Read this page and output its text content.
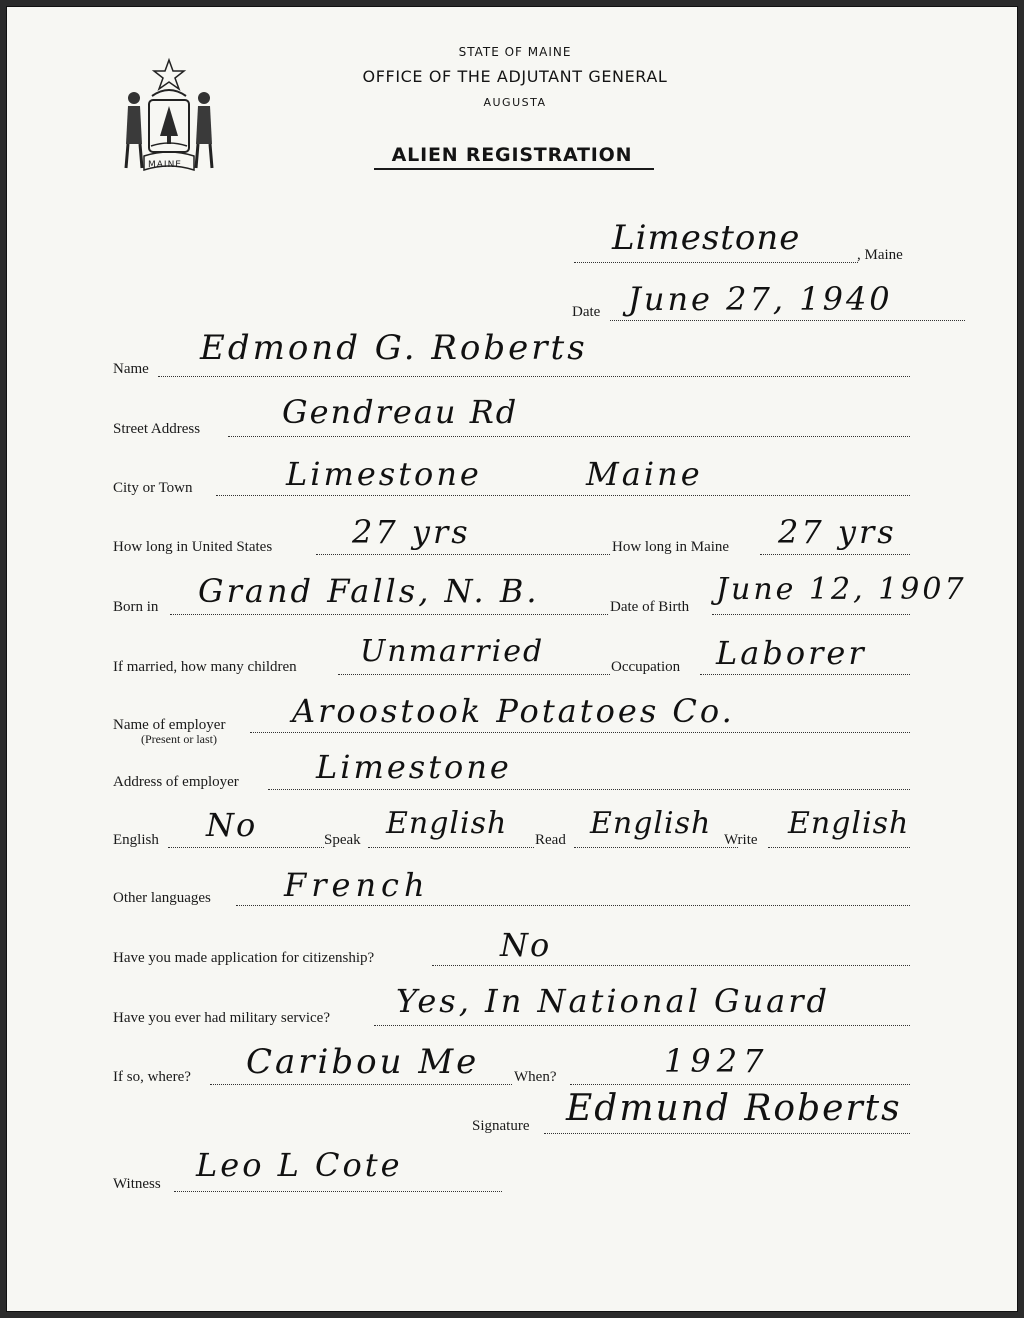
MAINE
STATE OF MAINE
OFFICE OF THE ADJUTANT GENERAL
AUGUSTA
ALIEN REGISTRATION
Limestone	, Maine
Date June 27, 1940
Name
Edmond G. Roberts
Street Address	Gendreau Rd
City or Town	Limestone	Maine
How long in United States 27 yrs	How long in Maine 27 yrs
Born in Grand Falls, N. B.	Date of Birth June 12, 1907
If married, how many children Unmarried	Occupation Laborer
Name of employer
(Present or last)
Aroostook Potatoes Co.
Address of employer Limestone
English No	Speak English Read English Write English
Other languages French
Have you made application for citizenship?	No
Have you ever had military service? Yes, In National Guard
If so, where? Caribou Me When?	1927
Signature Edmund Roberts
Witness Leo L Cote
